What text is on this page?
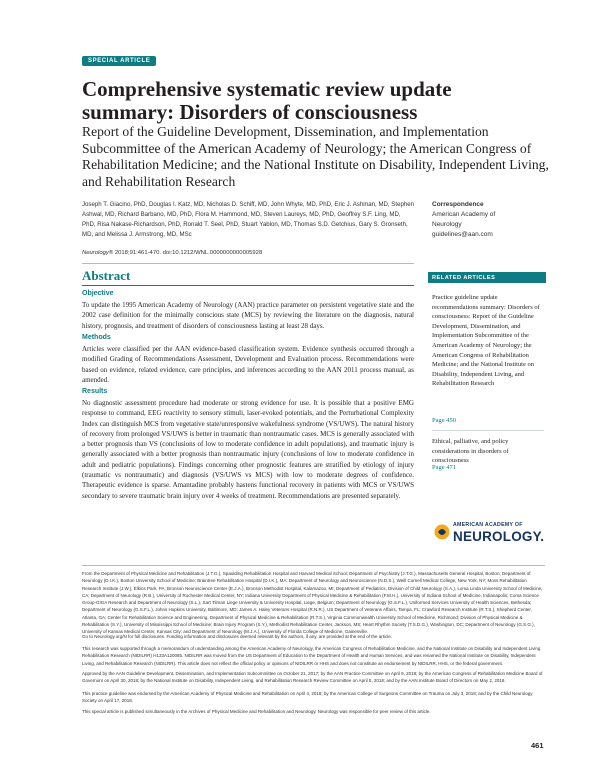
SPECIAL ARTICLE
Comprehensive systematic review update
summary: Disorders of consciousness
Report of the Guideline Development, Dissemination, and Implementation Subcommittee of the American Academy of Neurology; the American Congress of Rehabilitation Medicine; and the National Institute on Disability, Independent Living, and Rehabilitation Research
Joseph T. Giacino, PhD, Douglas I. Katz, MD, Nicholas D. Schiff, MD, John Whyte, MD, PhD, Eric J. Ashman, MD, Stephen Ashwal, MD, Richard Barbano, MD, PhD, Flora M. Hammond, MD, Steven Laureys, MD, PhD, Geoffrey S.F. Ling, MD, PhD, Risa Nakase-Richardson, PhD, Ronald T. Seel, PhD, Stuart Yablon, MD, Thomas S.D. Getchius, Gary S. Gronseth, MD, and Melissa J. Armstrong, MD, MSc
Neurology® 2018;91:461-470. doi:10.1212/WNL.0000000000005928
Correspondence
American Academy of
Neurology
guidelines@aan.com
Abstract
Objective
To update the 1995 American Academy of Neurology (AAN) practice parameter on persistent vegetative state and the 2002 case definition for the minimally conscious state (MCS) by reviewing the literature on the diagnosis, natural history, prognosis, and treatment of disorders of consciousness lasting at least 28 days.
Methods
Articles were classified per the AAN evidence-based classification system. Evidence synthesis occurred through a modified Grading of Recommendations Assessment, Development and Evaluation process. Recommendations were based on evidence, related evidence, care principles, and inferences according to the AAN 2011 process manual, as amended.
Results
No diagnostic assessment procedure had moderate or strong evidence for use. It is possible that a positive EMG response to command, EEG reactivity to sensory stimuli, laser-evoked potentials, and the Perturbational Complexity Index can distinguish MCS from vegetative state/unresponsive wakefulness syndrome (VS/UWS). The natural history of recovery from prolonged VS/UWS is better in traumatic than nontraumatic cases. MCS is generally associated with a better prognosis than VS (conclusions of low to moderate confidence in adult populations), and traumatic injury is generally associated with a better prognosis than nontraumatic injury (conclusions of low to moderate confidence in adult and pediatric populations). Findings concerning other prognostic features are stratified by etiology of injury (traumatic vs nontraumatic) and diagnosis (VS/UWS vs MCS) with low to moderate degrees of confidence. Therapeutic evidence is sparse. Amantadine probably hastens functional recovery in patients with MCS or VS/UWS secondary to severe traumatic brain injury over 4 weeks of treatment. Recommendations are presented separately.
RELATED ARTICLES
Practice guideline update recommendations summary: Disorders of consciousness: Report of the Guideline Development, Dissemination, and Implementation Subcommittee of the American Academy of Neurology; the American Congress of Rehabilitation Medicine; and the National Institute on Disability, Independent Living, and Rehabilitation Research
Page 450
Ethical, palliative, and policy considerations in disorders of consciousness
Page 471
AMERICAN ACADEMY OF
NEUROLOGY.
From the Department of Physical Medicine and Rehabilitation (J.T.G.), Spaulding Rehabilitation Hospital and Harvard Medical School; Department of Psychiatry (J.T.G.), Massachusetts General Hospital, Boston; Department of Neurology (D.I.K.), Boston University School of Medicine; Braintree Rehabilitation Hospital (D.I.K.), MA; Department of Neurology and Neuroscience (N.D.S.), Weill Cornell Medical College, New York, NY; Moss Rehabilitation Research Institute (J.W.), Elkins Park, PA; Bronson Neuroscience Center (E.J.A.), Bronson Methodist Hospital, Kalamazoo, MI; Department of Pediatrics, Division of Child Neurology (S.A.), Loma Linda University School of Medicine, CA; Department of Neurology (R.B.), University of Rochester Medical Center, NY; Indiana University Department of Physical Medicine & Rehabilitation (F.M.H.), University of Indiana School of Medicine, Indianapolis; Coma Science Group-GIGA Research and Department of Neurology (S.L.), Sart Tilman Liege University & University Hospital, Liege, Belgium; Department of Neurology (G.S.F.L.), Uniformed Services University of Health Sciences, Bethesda; Department of Neurology (G.S.F.L.), Johns Hopkins University, Baltimore, MD; James A. Haley Veterans Hospital (R.N.R.), US Department of Veterans Affairs, Tampa, FL; Crawford Research Institute (R.T.S.), Shepherd Center, Atlanta, GA; Center for Rehabilitation Science and Engineering, Department of Physical Medicine & Rehabilitation (R.T.S.), Virginia Commonwealth University School of Medicine, Richmond; Division of Physical Medicine & Rehabilitation (S.Y.), University of Mississippi School of Medicine; Brain Injury Program (S.Y.), Methodist Rehabilitation Center, Jackson, MS; Heart Rhythm Society (T.S.D.G.), Washington, DC; Department of Neurology (G.S.G.), University of Kansas Medical Center, Kansas City; and Department of Neurology (M.J.A.), University of Florida College of Medicine, Gainesville.
Go to Neurology.org/N for full disclosures. Funding information and disclosures deemed relevant by the authors, if any, are provided at the end of the article.
This research was supported through a memorandum of understanding among the American Academy of Neurology, the American Congress of Rehabilitation Medicine, and the National Institute on Disability and Independent Living Rehabilitation Research (NIDILRR) H133A120085. NIDILRR was moved from the US Department of Education to the Department of Health and Human Services, and was renamed the National Institute on Disability, Independent Living, and Rehabilitation Research (NIDILRR). This article does not reflect the official policy or opinions of NIDILRR or HHS and does not constitute an endorsement by NIDILRR, HHS, or the federal government.
Approved by the AAN Guideline Development, Dissemination, and Implementation Subcommittee on October 21, 2017; by the AAN Practice Committee on April 9, 2018; by the American Congress of Rehabilitation Medicine Board of Governors on April 30, 2018; by the National Institute on Disability, Independent Living, and Rehabilitation Research Review Committee on April 5, 2018; and by the AAN Institute Board of Directors on May 2, 2018.
This practice guideline was endorsed by the American Academy of Physical Medicine and Rehabilitation on April 4, 2018; by the American College of Surgeons Committee on Trauma on July 3, 2018; and by the Child Neurology Society on April 17, 2018.
This special article is published simultaneously in the Archives of Physical Medicine and Rehabilitation and Neurology. Neurology was responsible for peer review of this article.
461
